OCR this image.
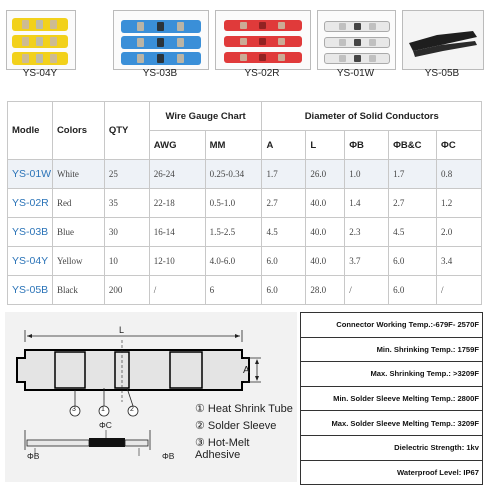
YS-04Y	YS-03B	YS-02R	YS-01W	YS-05B
Modle	Colors	QTY	Wire Gauge Chart		Diameter of Solid Conductors				
			AWG	MM	A	L	ΦB	ΦB&C	ΦC
YS-01W	White	25	26-24	0.25-0.34	1.7	26.0	1.0	1.7	0.8
YS-02R	Red	35	22-18	0.5-1.0	2.7	40.0	1.4	2.7	1.2
YS-03B	Blue	30	16-14	1.5-2.5	4.5	40.0	2.3	4.5	2.0
YS-04Y	Yellow	10	12-10	4.0-6.0	6.0	40.0	3.7	6.0	3.4
YS-05B	Black	200	/	6	6.0	28.0	/	6.0	/
L
A
3	1	2
ΦC
ΦB	ΦB
① Heat Shrink Tube
② Solder Sleeve
③ Hot-Melt Adhesive
Connector Working Temp.:-679F- 2570F
Min. Shrinking Temp.: 1759F
Max. Shrinking Temp.: >3209F
Min. Solder Sleeve Melting Temp.: 2800F
Max. Solder Sleeve Melting Temp.: 3209F
Dielectric Strength: 1kv
Waterproof Level: IP67
